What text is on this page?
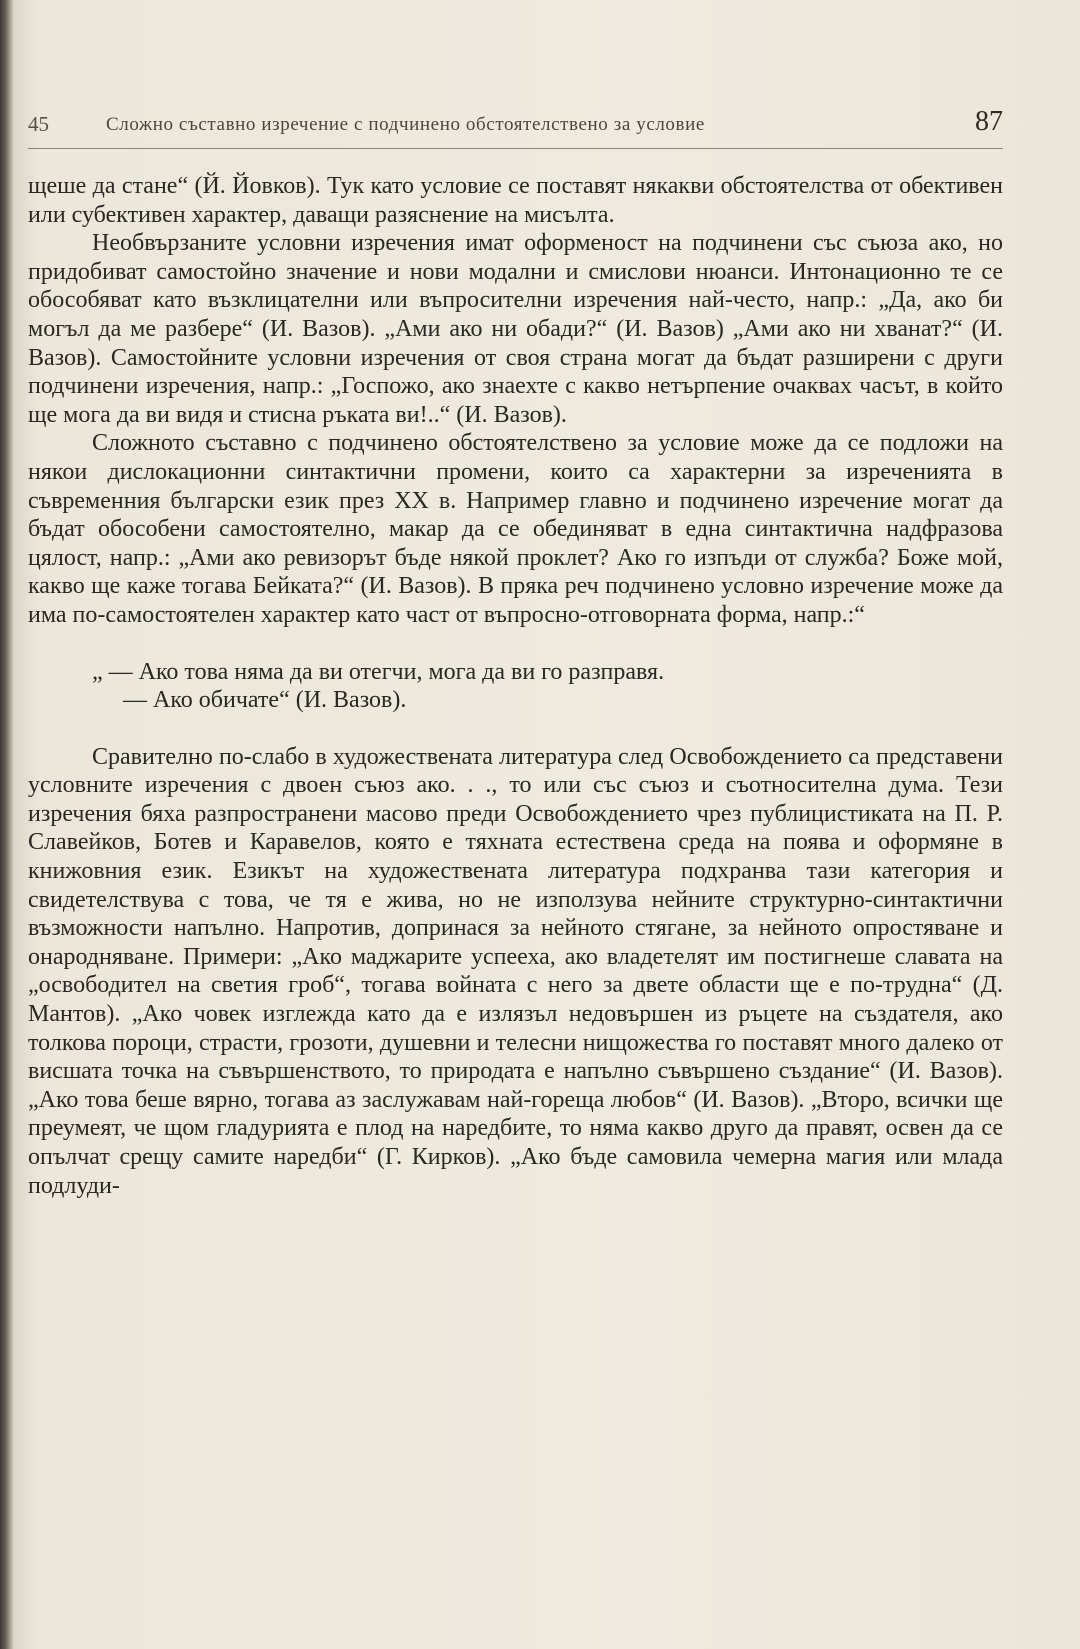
45	Сложно съставно изречение с подчинено обстоятелствено за условие	87

щеше да стане“ (Й. Йовков). Тук като условие се поставят някакви обстоятелства от обективен или субективен характер, даващи разяснение на мисълта.

Необвързаните условни изречения имат оформеност на подчинени със съюза ако, но придобиват самостойно значение и нови модални и смислови нюанси. Интонационно те се обособяват като възклицателни или въпросителни изречения най-често, напр.: „Да, ако би могъл да ме разбере“ (И. Вазов). „Ами ако ни обади?“ (И. Вазов) „Ами ако ни хванат?“ (И. Вазов). Самостойните условни изречения от своя страна могат да бъдат разширени с други подчинени изречения, напр.: „Госпожо, ако знаехте с какво нетърпение очаквах часът, в който ще мога да ви видя и стисна ръката ви!..“ (И. Вазов).

Сложното съставно с подчинено обстоятелствено за условие може да се подложи на някои дислокационни синтактични промени, които са характерни за изреченията в съвременния български език през XX в. Например главно и подчинено изречение могат да бъдат обособени самостоятелно, макар да се обединяват в една синтактична надфразова цялост, напр.: „Ами ако ревизорът бъде някой проклет? Ако го изпъди от служба? Боже мой, какво ще каже тогава Бейката?“ (И. Вазов). В пряка реч подчинено условно изречение може да има по-самостоятелен характер като част от въпросно-отговорната форма, напр.:“

„ — Ако това няма да ви отегчи, мога да ви го разправя.
— Ако обичате“ (И. Вазов).

Сравително по-слабо в художествената литература след Освобождението са представени условните изречения с двоен съюз ако. . ., то или със съюз и съотносителна дума. Тези изречения бяха разпространени масово преди Освобождението чрез публицистиката на П. Р. Славейков, Ботев и Каравелов, която е тяхната естествена среда на поява и оформяне в книжовния език. Езикът на художествената литература подхранва тази категория и свидетелствува с това, че тя е жива, но не използува нейните структурно-синтактични възможности напълно. Напротив, допринася за нейното стягане, за нейното опростяване и онародняване. Примери: „Ако маджарите успееха, ако владетелят им постигнеше славата на „освободител на светия гроб“, тогава войната с него за двете области ще е по-трудна“ (Д. Мантов). „Ако човек изглежда като да е излязъл недовършен из ръцете на създателя, ако толкова пороци, страсти, грозоти, душевни и телесни нищожества го поставят много далеко от висшата точка на съвършенството, то природата е напълно съвършено създание“ (И. Вазов). „Ако това беше вярно, тогава аз заслужавам най-гореща любов“ (И. Вазов). „Второ, всички ще преумеят, че щом гладурията е плод на наредбите, то няма какво друго да правят, освен да се опълчат срещу самите наредби“ (Г. Кирков). „Ако бъде самовила чемерна магия или млада подлуди-
